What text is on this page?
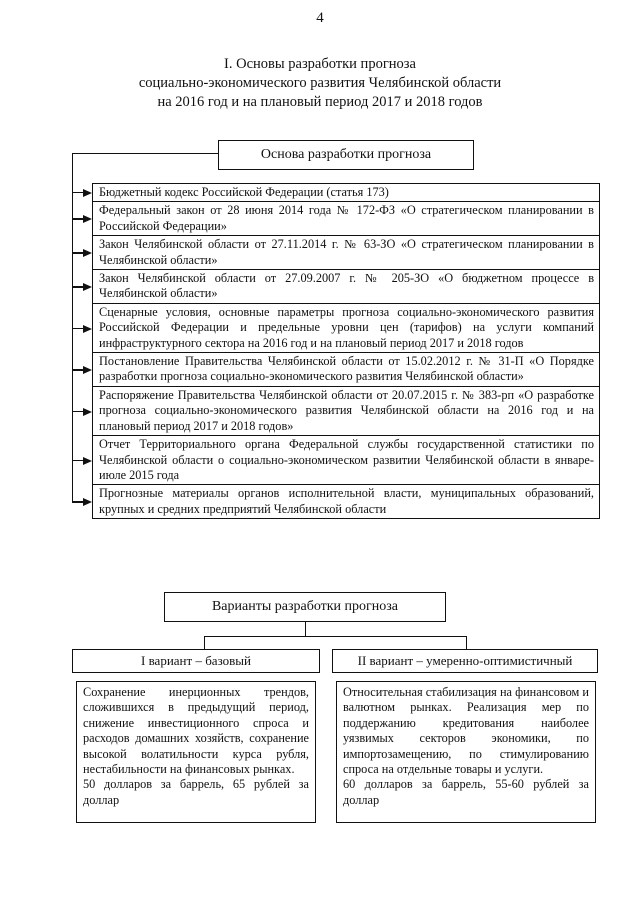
4
I. Основы разработки прогноза
социально-экономического развития Челябинской области
на 2016 год и на плановый период 2017 и 2018 годов
Основа разработки прогноза
Бюджетный кодекс Российской Федерации (статья 173)
Федеральный закон от 28 июня 2014 года № 172-ФЗ «О стратегическом планировании в Российской Федерации»
Закон Челябинской области от 27.11.2014 г. № 63-ЗО «О стратегическом планировании в Челябинской области»
Закон Челябинской области от 27.09.2007 г. № 205-ЗО «О бюджетном процессе в Челябинской области»
Сценарные условия, основные параметры прогноза социально-экономического развития Российской Федерации и предельные уровни цен (тарифов) на услуги компаний инфраструктурного сектора на 2016 год и на плановый период 2017 и 2018 годов
Постановление Правительства Челябинской области от 15.02.2012 г. № 31-П «О Порядке разработки прогноза социально-экономического развития Челябинской области»
Распоряжение Правительства Челябинской области от 20.07.2015 г. № 383-рп «О разработке прогноза социально-экономического развития Челябинской области на 2016 год и на плановый период 2017 и 2018 годов»
Отчет Территориального органа Федеральной службы государственной статистики по Челябинской области о социально-экономическом развитии Челябинской области в январе-июле 2015 года
Прогнозные материалы органов исполнительной власти, муниципальных образований, крупных и средних предприятий Челябинской области
Варианты разработки прогноза
I вариант – базовый	II вариант – умеренно-оптимистичный

Сохранение инерционных трендов, сложившихся в предыдущий период, снижение инвестиционного спроса и расходов домашних хозяйств, сохранение высокой волатильности курса рубля, нестабильности на финансовых рынках.

50 долларов за баррель, 65 рублей за доллар

Относительная стабилизация на финансовом и валютном рынках. Реализация мер по поддержанию кредитования наиболее уязвимых секторов экономики, по импортозамещению, по стимулированию спроса на отдельные товары и услуги.

60 долларов за баррель, 55-60 рублей за доллар
